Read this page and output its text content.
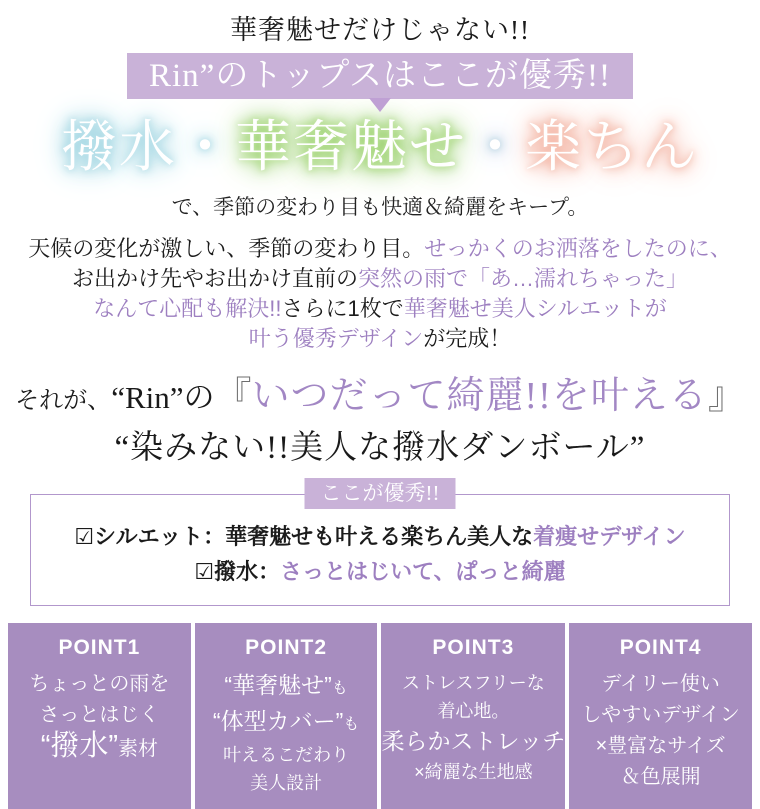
華奢魅せだけじゃない!!
Rin”のトップスはここが優秀!!
撥水・華奢魅せ・楽ちん
で、季節の変わり目も快適＆綺麗をキープ。
天候の変化が激しい、季節の変わり目。せっかくのお洒落をしたのに、
お出かけ先やお出かけ直前の突然の雨で「あ…濡れちゃった」
なんて心配も解決!!さらに1枚で華奢魅せ美人シルエットが
叶う優秀デザインが完成！
それが、“Rin”の『いつだって綺麗!!を叶える』
“染みない!!美人な撥水ダンボール”
ここが優秀!!
☑シルエット：華奢魅せも叶える楽ちん美人な着痩せデザイン
☑撥水：さっとはじいて、ぱっと綺麗
POINT1
ちょっとの雨を
さっとはじく
“撥水”素材
POINT2
“華奢魅せ”も
“体型カバー”も
叶えるこだわり
美人設計
POINT3
ストレスフリーな
着心地。
柔らかストレッチ
×綺麗な生地感
POINT4
デイリー使い
しやすいデザイン
×豊富なサイズ
＆色展開
